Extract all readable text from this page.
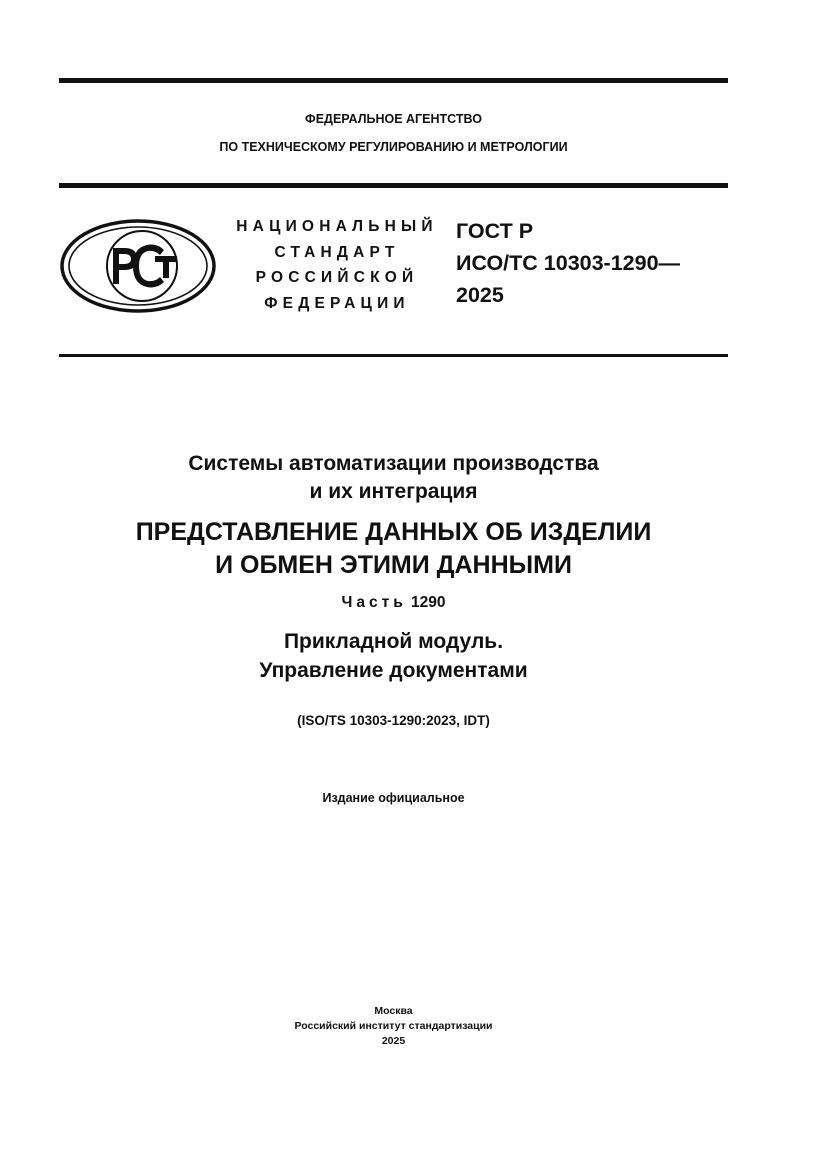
ФЕДЕРАЛЬНОЕ АГЕНТСТВО
ПО ТЕХНИЧЕСКОМУ РЕГУЛИРОВАНИЮ И МЕТРОЛОГИИ
НАЦИОНАЛЬНЫЙ
СТАНДАРТ
РОССИЙСКОЙ
ФЕДЕРАЦИИ
ГОСТ Р
ИСО/ТС 10303-1290—
2025
Системы автоматизации производства
и их интеграция
ПРЕДСТАВЛЕНИЕ ДАННЫХ ОБ ИЗДЕЛИИ
И ОБМЕН ЭТИМИ ДАННЫМИ
Часть 1290
Прикладной модуль.
Управление документами
(ISO/TS 10303-1290:2023, IDT)
Издание официальное
Москва
Российский институт стандартизации
2025
